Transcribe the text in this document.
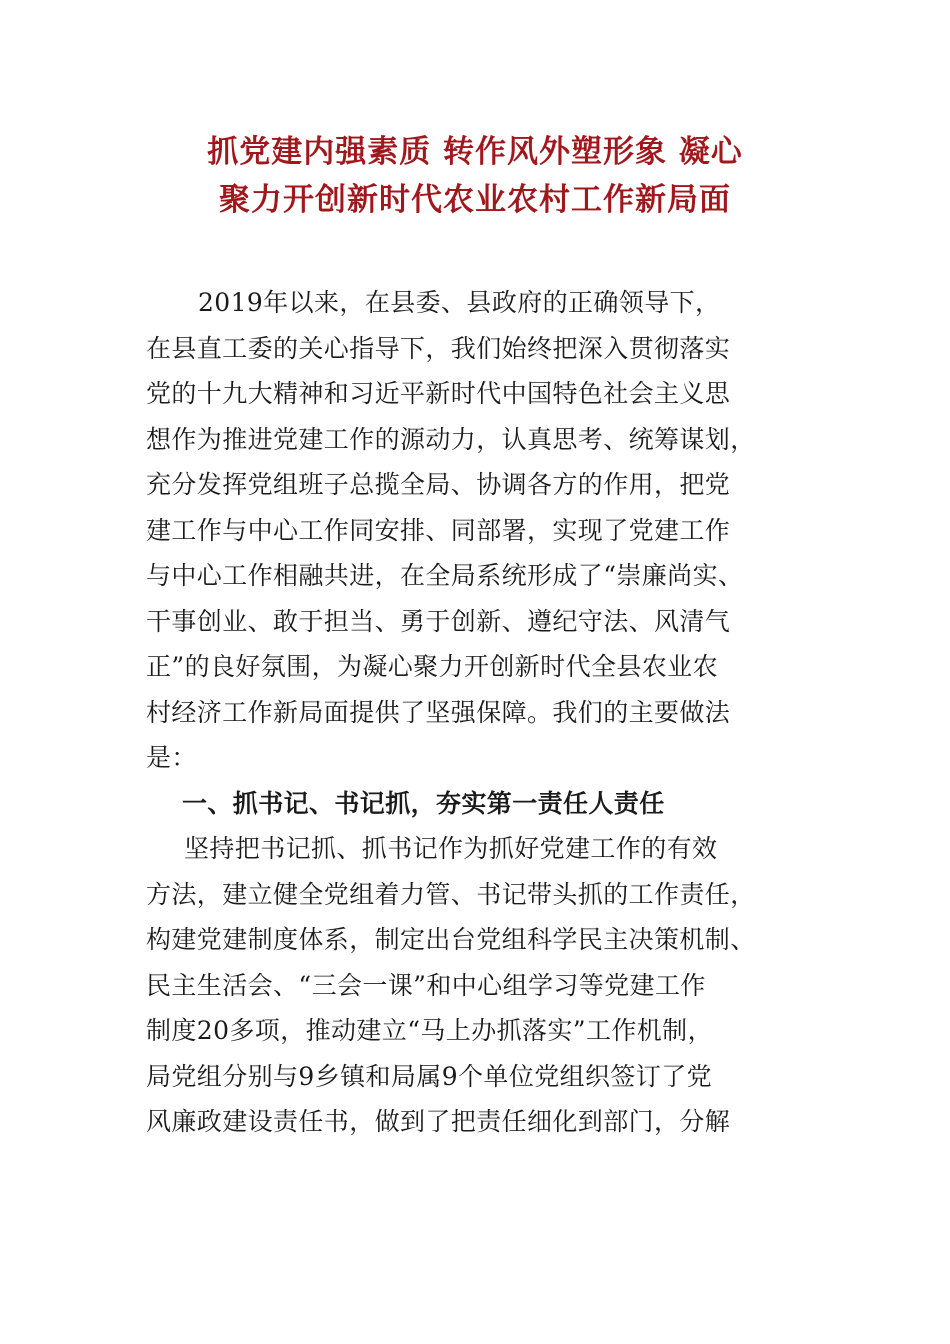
抓党建内强素质 转作风外塑形象 凝心
聚力开创新时代农业农村工作新局面
2019年以来，在县委、县政府的正确领导下，
在县直工委的关心指导下，我们始终把深入贯彻落实
党的十九大精神和习近平新时代中国特色社会主义思
想作为推进党建工作的源动力，认真思考、统筹谋划，
充分发挥党组班子总揽全局、协调各方的作用，把党
建工作与中心工作同安排、同部署，实现了党建工作
与中心工作相融共进，在全局系统形成了“崇廉尚实、
干事创业、敢于担当、勇于创新、遵纪守法、风清气
正”的良好氛围，为凝心聚力开创新时代全县农业农
村经济工作新局面提供了坚强保障。我们的主要做法
是：
一、抓书记、书记抓，夯实第一责任人责任
坚持把书记抓、抓书记作为抓好党建工作的有效
方法，建立健全党组着力管、书记带头抓的工作责任，
构建党建制度体系，制定出台党组科学民主决策机制、
民主生活会、“三会一课”和中心组学习等党建工作
制度20多项，推动建立“马上办抓落实”工作机制，
局党组分别与9乡镇和局属9个单位党组织签订了党
风廉政建设责任书，做到了把责任细化到部门，分解
